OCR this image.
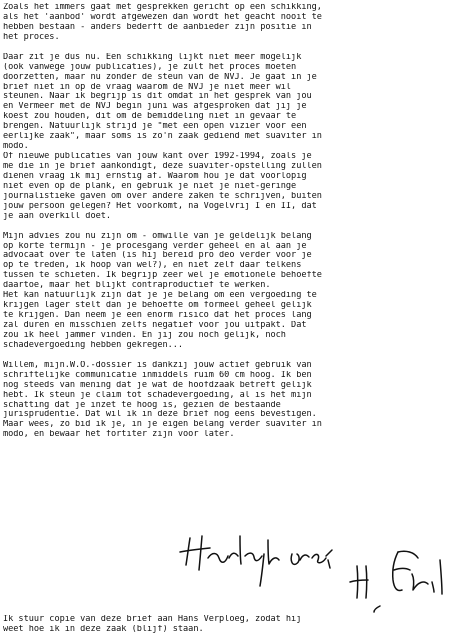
Zoals het immers gaat met gesprekken gericht op een schikking,
als het 'aanbod' wordt afgewezen dan wordt het geacht nooit te
hebben bestaan - anders bederft de aanbieder zijn positie in
het proces.
Daar zit je dus nu. Een schikking lijkt niet meer mogelijk
(ook vanwege jouw publicaties), je zult het proces moeten
doorzetten, maar nu zonder de steun van de NVJ. Je gaat in je
brief niet in op de vraag waarom de NVJ je niet meer wil
steunen. Naar ik begrijp is dit omdat in het gesprek van jou
en Vermeer met de NVJ begin juni was afgesproken dat jij je
koest zou houden, dit om de bemiddeling niet in gevaar te
brengen. Natuurlijk strijd je "met een open vizier voor een
eerlijke zaak", maar soms is zo'n zaak gediend met suaviter in
modo.
Of nieuwe publicaties van jouw kant over 1992-1994, zoals je
me die in je brief aankondigt, deze suaviter-opstelling zullen
dienen vraag ik mij ernstig af. Waarom hou je dat voorlopig
niet even op de plank, en gebruik je niet je niet-geringe
journalistieke gaven om over andere zaken te schrijven, buiten
jouw persoon gelegen? Het voorkomt, na Vogelvrij I en II, dat
je aan overkill doet.
Mijn advies zou nu zijn om - omwille van je geldelijk belang
op korte termijn - je procesgang verder geheel en al aan je
advocaat over te laten (is hij bereid pro deo verder voor je
op te treden, ik hoop van wel?), en niet zelf daar telkens
tussen te schieten. Ik begrijp zeer wel je emotionele behoefte
daartoe, maar het blijkt contraproductief te werken.
Het kan natuurlijk zijn dat je je belang om een vergoeding te
krijgen lager stelt dan je behoefte om formeel geheel gelijk
te krijgen. Dan neem je een enorm risico dat het proces lang
zal duren en misschien zelfs negatief voor jou uitpakt. Dat
zou ik heel jammer vinden. En jij zou noch gelijk, noch
schadevergoeding hebben gekregen...
Willem, mijn.W.O.-dossier is dankzij jouw actief gebruik van
schriftelijke communicatie inmiddels ruim 60 cm hoog. Ik ben
nog steeds van mening dat je wat de hoofdzaak betreft gelijk
hebt. Ik steun je claim tot schadevergoeding, al is het mijn
schatting dat je inzet te hoog is, gezien de bestaande
jurisprudentie. Dat wil ik in deze brief nog eens bevestigen.
Maar wees, zo bid ik je, in je eigen belang verder suaviter in
modo, en bewaar het fortiter zijn voor later.
Ik stuur copie van deze brief aan Hans Verploeg, zodat hij
weet hoe ik in deze zaak (blijf) staan.
